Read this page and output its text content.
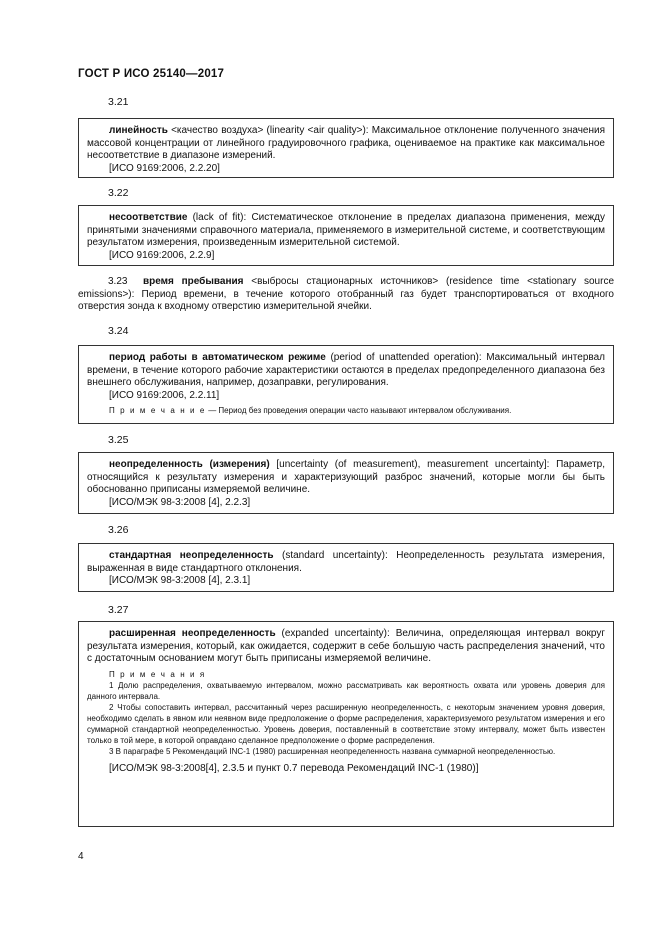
ГОСТ Р ИСО 25140—2017
3.21

линейность <качество воздуха> (linearity <air quality>): Максимальное отклонение полученного значения массовой концентрации от линейного градуировочного графика, оцениваемое на практике как максимальное несоответствие в диапазоне измерений.

[ИСО 9169:2006, 2.2.20]
3.22

несоответствие (lack of fit): Систематическое отклонение в пределах диапазона применения, между принятыми значениями справочного материала, применяемого в измерительной системе, и соответствующим результатом измерения, произведенным измерительной системой.

[ИСО 9169:2006, 2.2.9]
3.23 время пребывания <выбросы стационарных источников> (residence time <stationary source emissions>): Период времени, в течение которого отобранный газ будет транспортироваться от входного отверстия зонда к входному отверстию измерительной ячейки.
3.24

период работы в автоматическом режиме (period of unattended operation): Максимальный интервал времени, в течение которого рабочие характеристики остаются в пределах предопределенного диапазона без внешнего обслуживания, например, дозаправки, регулирования.

[ИСО 9169:2006, 2.2.11]

П р и м е ч а н и е — Период без проведения операции часто называют интервалом обслуживания.

3.25

неопределенность (измерения) [uncertainty (of measurement), measurement uncertainty]: Параметр, относящийся к результату измерения и характеризующий разброс значений, которые могли бы быть обоснованно приписаны измеряемой величине.

[ИСО/МЭК 98-3:2008 [4], 2.2.3]
3.26

стандартная неопределенность (standard uncertainty): Неопределенность результата измерения, выраженная в виде стандартного отклонения.

[ИСО/МЭК 98-3:2008 [4], 2.3.1]
3.27

расширенная неопределенность (expanded uncertainty): Величина, определяющая интервал вокруг результата измерения, который, как ожидается, содержит в себе большую часть распределения значений, что с достаточным основанием могут быть приписаны измеряемой величине.

П р и м е ч а н и я

1 Долю распределения, охватываемую интервалом, можно рассматривать как вероятность охвата или уровень доверия для данного интервала.

2 Чтобы сопоставить интервал, рассчитанный через расширенную неопределенность, с некоторым значением уровня доверия, необходимо сделать в явном или неявном виде предположение о форме распределения, характеризуемого результатом измерения и его суммарной стандартной неопределенностью. Уровень доверия, поставленный в соответствие этому интервалу, может быть известен только в той мере, в которой оправдано сделанное предположение о форме распределения.

3 В параграфе 5 Рекомендаций INC-1 (1980) расширенная неопределенность названа суммарной неопределенностью.

[ИСО/МЭК 98-3:2008[4], 2.3.5 и пункт 0.7 перевода Рекомендаций INC-1 (1980)]
4
